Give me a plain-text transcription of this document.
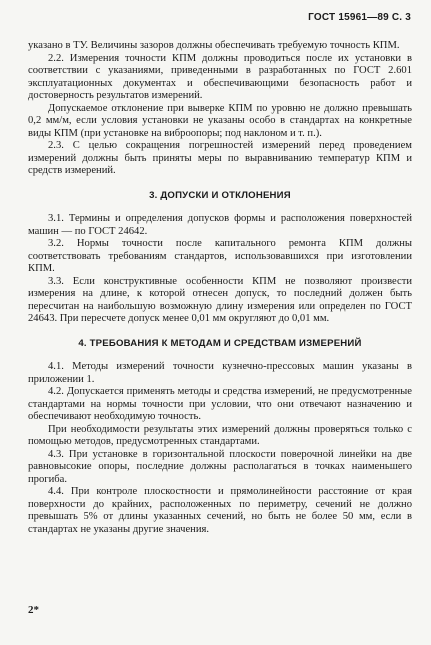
ГОСТ 15961—89 С. 3

указано в ТУ. Величины зазоров должны обеспечивать требуемую точность КПМ.

2.2. Измерения точности КПМ должны проводиться после их установки в соответствии с указаниями, приведенными в разработанных по ГОСТ 2.601 эксплуатационных документах и обеспечивающими безопасность работ и достоверность результатов измерений.

Допускаемое отклонение при выверке КПМ по уровню не должно превышать 0,2 мм/м, если условия установки не указаны особо в стандартах на конкретные виды КПМ (при установке на виброопоры; под наклоном и т. п.).

2.3. С целью сокращения погрешностей измерений перед проведением измерений должны быть приняты меры по выравниванию температур КПМ и средств измерений.

3. ДОПУСКИ И ОТКЛОНЕНИЯ

3.1. Термины и определения допусков формы и расположения поверхностей машин — по ГОСТ 24642.

3.2. Нормы точности после капитального ремонта КПМ должны соответствовать требованиям стандартов, использовавшихся при изготовлении КПМ.

3.3. Если конструктивные особенности КПМ не позволяют произвести измерения на длине, к которой отнесен допуск, то последний должен быть пересчитан на наибольшую возможную длину измерения или определен по ГОСТ 24643. При пересчете допуск менее 0,01 мм округляют до 0,01 мм.

4. ТРЕБОВАНИЯ К МЕТОДАМ И СРЕДСТВАМ ИЗМЕРЕНИЙ

4.1. Методы измерений точности кузнечно-прессовых машин указаны в приложении 1.

4.2. Допускается применять методы и средства измерений, не предусмотренные стандартами на нормы точности при условии, что они отвечают назначению и обеспечивают необходимую точность.

При необходимости результаты этих измерений должны проверяться только с помощью методов, предусмотренных стандартами.

4.3. При установке в горизонтальной плоскости поверочной линейки на две равновысокие опоры, последние должны располагаться в точках наименьшего прогиба.

4.4. При контроле плоскостности и прямолинейности расстояние от края поверхности до крайних, расположенных по периметру, сечений не должно превышать 5% от длины указанных сечений, но быть не более 50 мм, если в стандартах не указаны другие значения.

2*
